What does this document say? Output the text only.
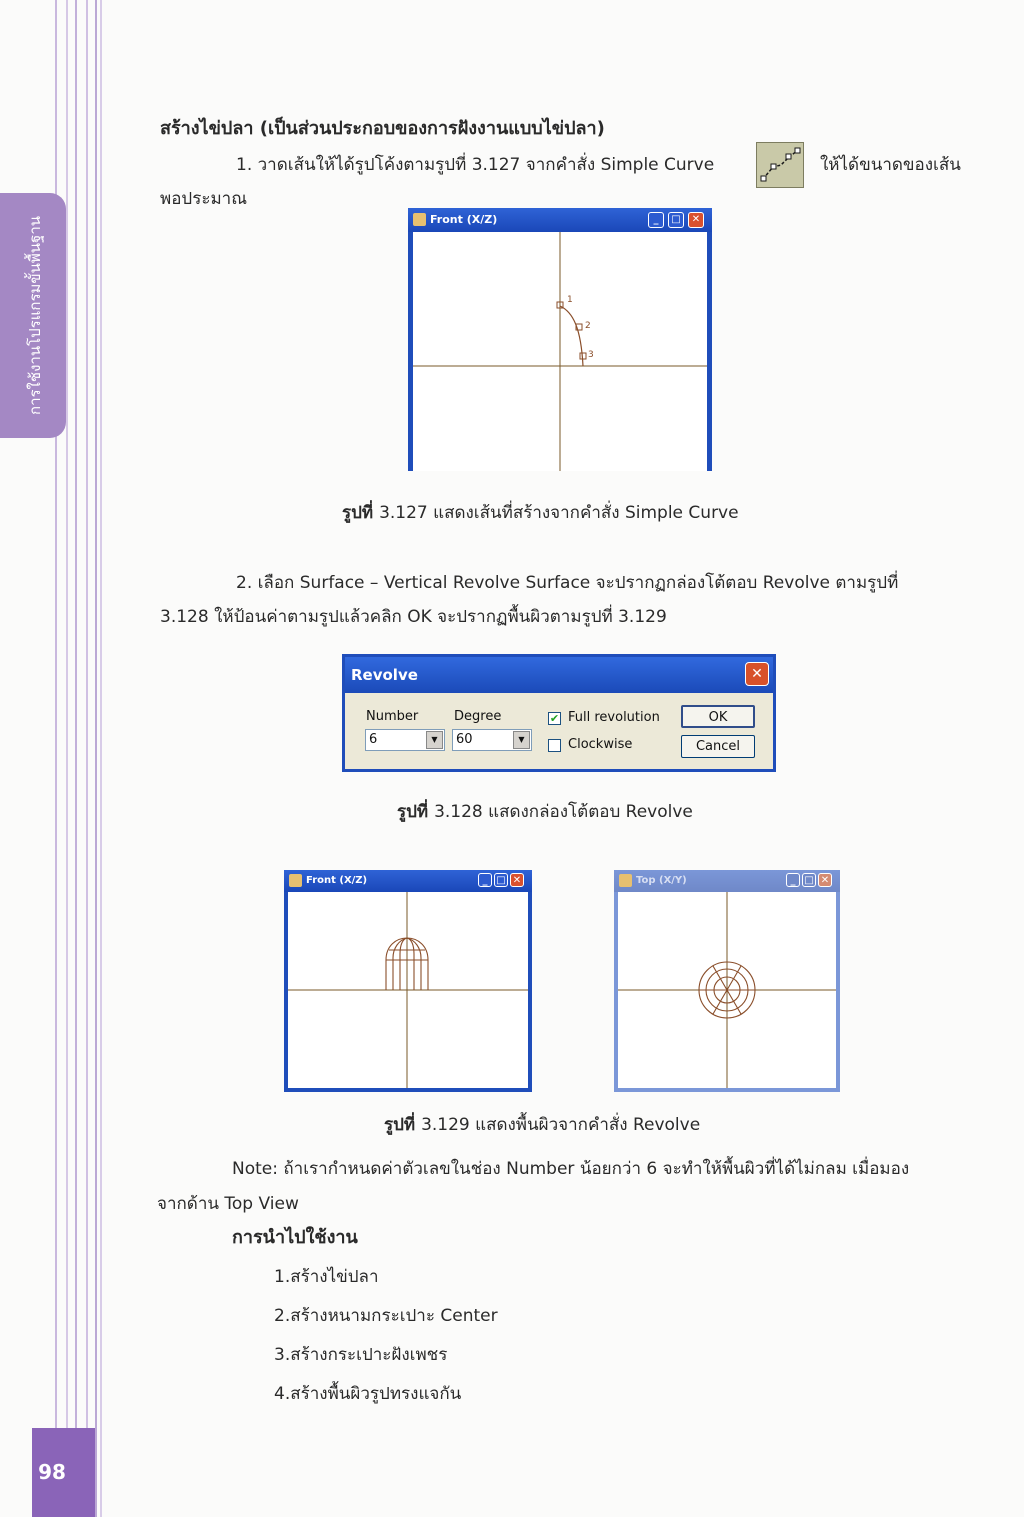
การใช้งานโปรแกรมขั้นพื้นฐาน
98
สร้างไข่ปลา (เป็นส่วนประกอบของการฝังงานแบบไข่ปลา)
1. วาดเส้นให้ได้รูปโค้งตามรูปที่ 3.127 จากคำสั่ง Simple Curve	ให้ได้ขนาดของเส้น
พอประมาณ
Front (X/Z)	_	□	✕
1
2
3
รูปที่ 3.127 แสดงเส้นที่สร้างจากคำสั่ง Simple Curve
2. เลือก Surface – Vertical Revolve Surface จะปรากฏกล่องโต้ตอบ Revolve ตามรูปที่
3.128 ให้ป้อนค่าตามรูปแล้วคลิก OK จะปรากฏพื้นผิวตามรูปที่ 3.129
Revolve	✕
Number
6	▼
Degree
60	▼
✔ Full revolution
Clockwise
OK
Cancel
รูปที่ 3.128 แสดงกล่องโต้ตอบ Revolve
Front (X/Z)	_ □ ✕	Top (X/Y)	_ □ ✕
รูปที่ 3.129 แสดงพื้นผิวจากคำสั่ง Revolve
Note: ถ้าเรากำหนดค่าตัวเลขในช่อง Number น้อยกว่า 6 จะทำให้พื้นผิวที่ได้ไม่กลม เมื่อมอง
จากด้าน Top View
การนำไปใช้งาน
1.สร้างไข่ปลา
2.สร้างหนามกระเปาะ Center
3.สร้างกระเปาะฝังเพชร
4.สร้างพื้นผิวรูปทรงแจกัน
